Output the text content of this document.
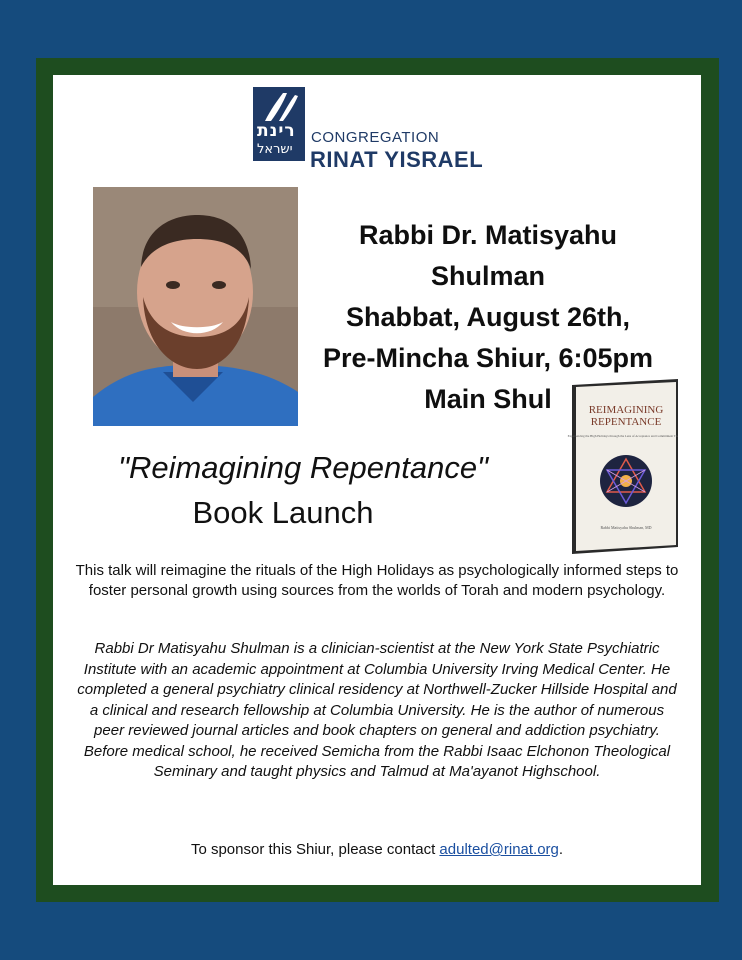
רינת
ישראל
CONGREGATION
RINAT YISRAEL
Rabbi Dr. Matisyahu
Shulman
Shabbat, August 26th,
Pre-Mincha Shiur, 6:05pm
Main Shul
"Reimagining Repentance"
Book Launch
REIMAGINING
REPENTANCE
Experiencing the High Holidays through the Lens of Acceptance and Commitment Therapy
Rabbi Matisyahu Shulman, MD
This talk will reimagine the rituals of the High Holidays as psychologically informed steps to foster personal growth using sources from the worlds of Torah and modern psychology.
Rabbi Dr Matisyahu Shulman is a clinician-scientist at the New York State Psychiatric Institute with an academic appointment at Columbia University Irving Medical Center. He completed a general psychiatry clinical residency at Northwell-Zucker Hillside Hospital and a clinical and research fellowship at Columbia University. He is the author of numerous peer reviewed journal articles and book chapters on general and addiction psychiatry. Before medical school, he received Semicha from the Rabbi Isaac Elchonon Theological Seminary and taught physics and Talmud at Ma'ayanot Highschool.
To sponsor this Shiur, please contact adulted@rinat.org.
